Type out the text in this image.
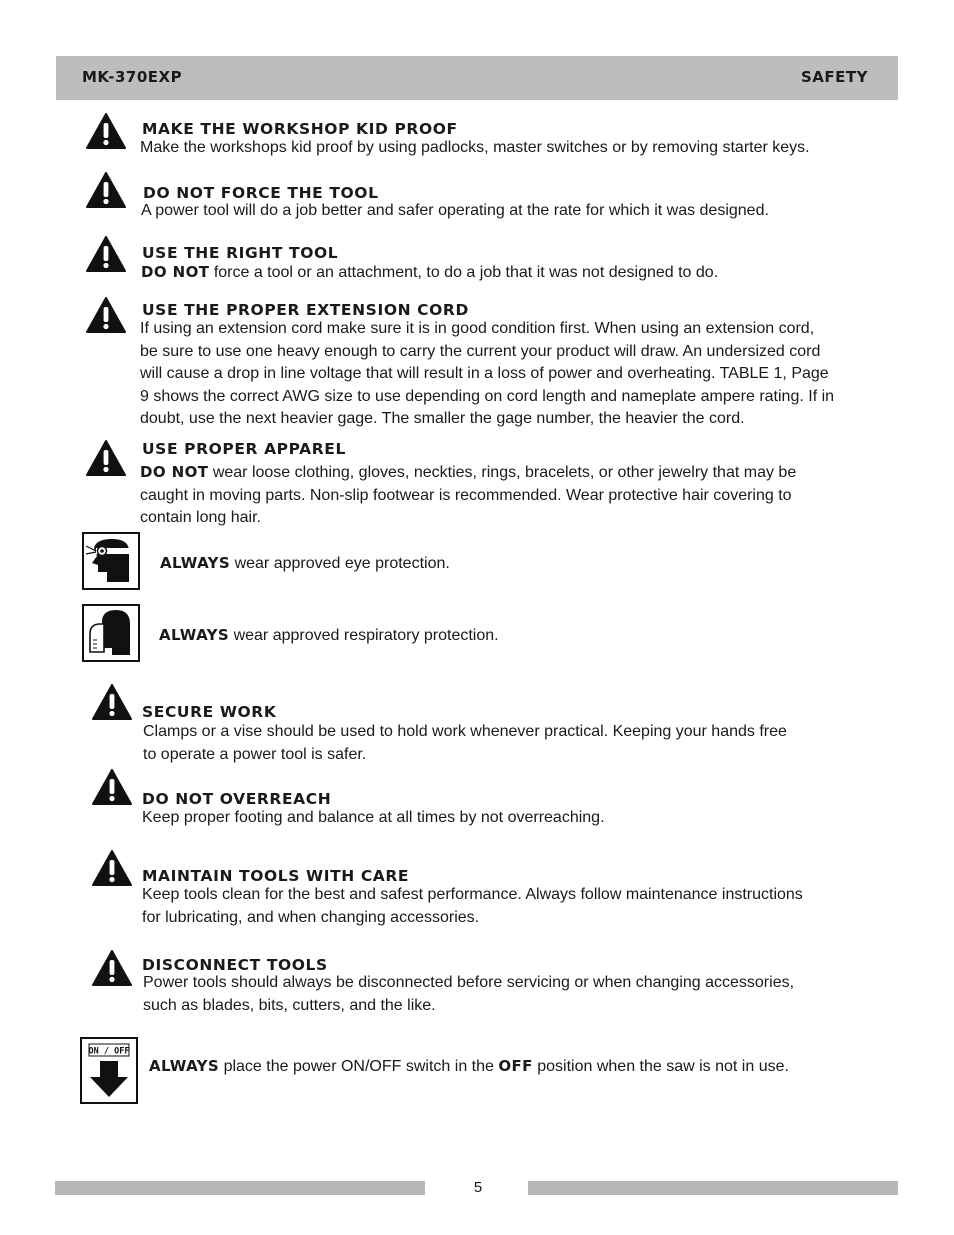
MK-370EXP	SAFETY
MAKE THE WORKSHOP KID PROOF
Make the workshops kid proof by using padlocks, master switches or by removing starter keys.
DO NOT FORCE THE TOOL
A power tool will do a job better and safer operating at the rate for which it was designed.
USE THE RIGHT TOOL
DO NOT force a tool or an attachment, to do a job that it was not designed to do.
USE THE PROPER EXTENSION CORD
If using an extension cord make sure it is in good condition first. When using an extension cord,
be sure to use one heavy enough to carry the current your product will draw. An undersized cord
will cause a drop in line voltage that will result in a loss of power and overheating. TABLE 1, Page
9 shows the correct AWG size to use depending on cord length and nameplate ampere rating. If in
doubt, use the next heavier gage. The smaller the gage number, the heavier the cord.
USE PROPER APPAREL
DO NOT wear loose clothing, gloves, neckties, rings, bracelets, or other jewelry that may be
caught in moving parts. Non-slip footwear is recommended. Wear protective hair covering to
contain long hair.
ALWAYS wear approved eye protection.
ALWAYS wear approved respiratory protection.
SECURE WORK
Clamps or a vise should be used to hold work whenever practical. Keeping your hands free
to operate a power tool is safer.
DO NOT OVERREACH
Keep proper footing and balance at all times by not overreaching.
MAINTAIN TOOLS WITH CARE
Keep tools clean for the best and safest performance. Always follow maintenance instructions
for lubricating, and when changing accessories.
DISCONNECT TOOLS
Power tools should always be disconnected before servicing or when changing accessories,
such as blades, bits, cutters, and the like.
ON / OFF
ALWAYS place the power ON/OFF switch in the OFF position when the saw is not in use.
5
